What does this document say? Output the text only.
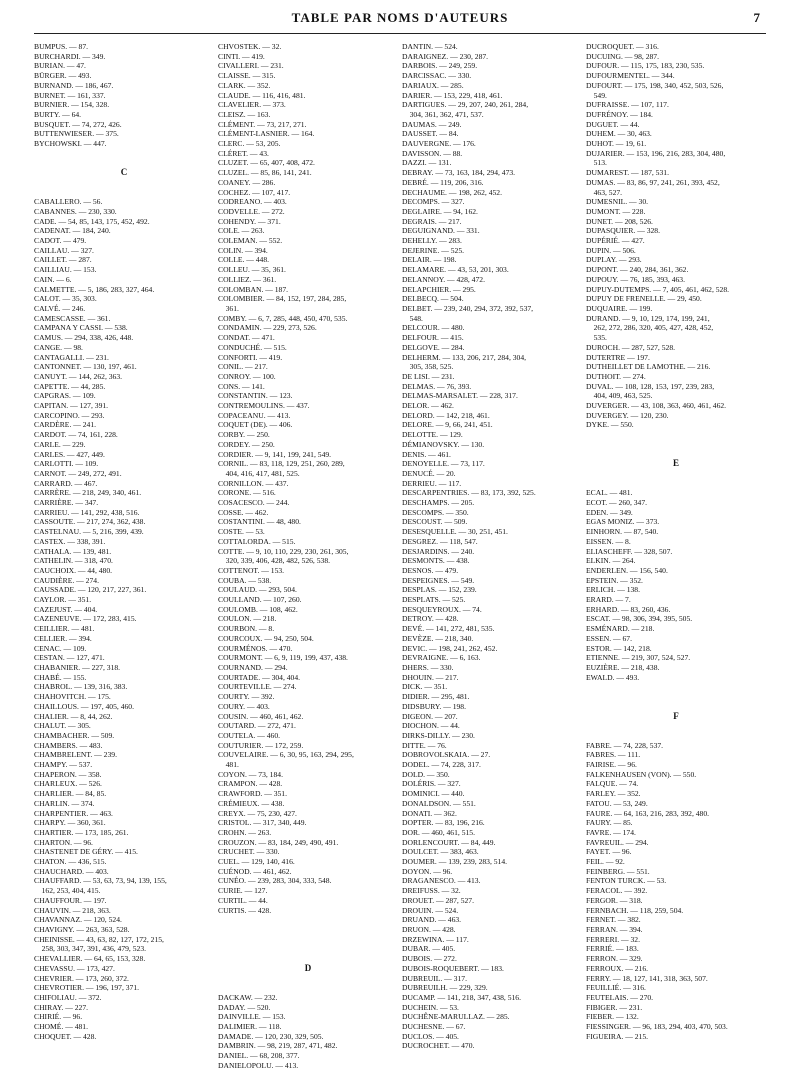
TABLE PAR NOMS D'AUTEURS	7
BUMPUS. — 87.
BURCHARDI. — 349.
BURIAN. — 47.
BÜRGER. — 493.
BURNAND. — 186, 467.
BURNET. — 161, 337.
BURNIER. — 154, 328.
BURTY. — 64.
BUSQUET. — 74, 272, 426.
BUTTENWIESER. — 375.
BYCHOWSKI. — 447.

C

CABALLERO. — 56.
CABANNES. — 230, 330.
CADE. — 54, 85, 143, 175, 452, 492.
CADENAT. — 184, 240.
CADOT. — 479.
CAILLAU. — 327.
CAILLET. — 287.
CAILLIAU. — 153.
CAIN. — 6.
CALMETTE. — 5, 186, 283, 327, 464.
CALOT. — 35, 303.
CALVÉ. — 246.
CAMESCASSE. — 361.
CAMPANA Y CASSI. — 538.
CAMUS. — 294, 338, 426, 448.
CANGE. — 98.
CANTAGALLI. — 231.
CANTONNET. — 130, 197, 461.
CANUYT. — 144, 262, 363.
CAPETTE. — 44, 285.
CAPGRAS. — 109.
CAPITAN. — 127, 391.
CARCOPINO. — 293.
CARDÈRE. — 241.
CARDOT. — 74, 161, 228.
CARLE. — 229.
CARLES. — 427, 449.
CARLOTTI. — 109.
CARNOT. — 249, 272, 491.
CARRARD. — 467.
CARRÈRE. — 218, 249, 340, 461.
CARRIÈRE. — 347.
CARRIEU. — 141, 292, 438, 516.
CASSOUTE. — 217, 274, 362, 438.
CASTELNAU. — 5, 216, 399, 439.
CASTEX. — 338, 391.
CATHALA. — 139, 481.
CATHELIN. — 318, 470.
CAUCHOIX. — 44, 480.
CAUDIÈRE. — 274.
CAUSSADE. — 120, 217, 227, 361.
CAYLOR. — 351.
CAZEJUST. — 404.
CAZENEUVE. — 172, 283, 415.
CEILLIER. — 481.
CELLIER. — 394.
CENAC. — 109.
CESTAN. — 127, 471.
CHABANIER. — 227, 318.
CHABÉ. — 155.
CHABROL. — 139, 316, 383.
CHAHOVITCH. — 175.
CHAILLOUS. — 197, 405, 460.
CHALIER. — 8, 44, 262.
CHALUT. — 305.
CHAMBACHER. — 509.
CHAMBERS. — 483.
CHAMBRELENT. — 239.
CHAMPY. — 537.
CHAPERON. — 358.
CHARLEUX. — 526.
CHARLIER. — 84, 85.
CHARLIN. — 374.
CHARPENTIER. — 463.
CHARPY. — 360, 361.
CHARTIER. — 173, 185, 261.
CHARTON. — 96.
CHASTENET DE GÉRY. — 415.
CHATON. — 436, 515.
CHAUCHARD. — 403.
CHAUFFARD. — 53, 63, 73, 94, 139, 155,
162, 253, 404, 415.
CHAUFFOUR. — 197.
CHAUVIN. — 218, 363.
CHAVANNAZ. — 120, 524.
CHAVIGNY. — 263, 363, 528.
CHEINISSE. — 43, 63, 82, 127, 172, 215,
258, 303, 347, 391, 436, 479, 523.
CHEVALLIER. — 64, 65, 153, 328.
CHEVASSU. — 173, 427.
CHEVRIER. — 173, 260, 372.
CHEVROTIER. — 196, 197, 371.
CHIFOLIAU. — 372.
CHIRAY. — 227.
CHIRIÉ. — 96.
CHOMÉ. — 481.
CHOQUET. — 428.
CHVOSTEK. — 32.
CINTI. — 419.
CIVALLERI. — 231.
CLAISSE. — 315.
CLARK. — 352.
CLAUDE. — 116, 416, 481.
CLAVELIER. — 373.
CLEISZ. — 163.
CLÉMENT. — 73, 217, 271.
CLÉMENT-LASNIER. — 164.
CLERC. — 53, 205.
CLÉRET. — 43.
CLUZET. — 65, 407, 408, 472.
CLUZEL. — 85, 86, 141, 241.
COANEY. — 286.
COCHEZ. — 107, 417.
CODREANO. — 403.
CODVELLE. — 272.
COHENDY. — 371.
COLE. — 263.
COLEMAN. — 552.
COLIN. — 394.
COLLE. — 448.
COLLEU. — 35, 361.
COLLIEZ. — 361.
COLOMBAN. — 187.
COLOMBIER. — 84, 152, 197, 284, 285,
361.
COMBY. — 6, 7, 285, 448, 450, 470, 535.
CONDAMIN. — 229, 273, 526.
CONDAT. — 471.
CONDUCHÉ. — 515.
CONFORTI. — 419.
CONIL. — 217.
CONROY. — 100.
CONS. — 141.
CONSTANTIN. — 123.
CONTREMOULINS. — 437.
COPACEANU. — 413.
COQUET (DE). — 406.
CORBY. — 250.
CORDEY. — 250.
CORDIER. — 9, 141, 199, 241, 549.
CORNIL. — 83, 118, 129, 251, 260, 289,
404, 416, 417, 481, 525.
CORNILLON. — 437.
CORONE. — 516.
COSACESCO. — 244.
COSSE. — 462.
COSTANTINI. — 48, 480.
COSTE. — 53.
COTTALORDA. — 515.
COTTE. — 9, 10, 110, 229, 230, 261, 305,
320, 339, 406, 428, 482, 526, 538.
COTTENOT. — 153.
COUBA. — 538.
COULAUD. — 293, 504.
COULLAND. — 107, 260.
COULOMB. — 108, 462.
COULON. — 218.
COURBON. — 8.
COURCOUX. — 94, 250, 504.
COURMÉNOS. — 470.
COURMONT. — 6, 9, 119, 199, 437, 438.
COURNAND. — 294.
COURTADE. — 304, 404.
COURTEVILLE. — 274.
COURTY. — 392.
COURY. — 403.
COUSIN. — 460, 461, 462.
COUTARD. — 272, 471.
COUTELA. — 460.
COUTURIER. — 172, 259.
COUVELAIRE. — 6, 30, 95, 163, 294, 295,
481.
COYON. — 73, 184.
CRAMPON. — 428.
CRAWFORD. — 351.
CRÉMIEUX. — 438.
CREYX. — 75, 230, 427.
CRISTOL. — 317, 340, 449.
CROHN. — 263.
CROUZON. — 83, 184, 249, 490, 491.
CRUCHET. — 330.
CUEL. — 129, 140, 416.
CUÉNOD. — 461, 462.
CUNÉO. — 239, 283, 304, 333, 548.
CURIE. — 127.
CURTIL. — 44.
CURTIS. — 428.

D

DACKAW. — 232.
DADAY. — 520.
DAINVILLE. — 153.
DALIMIER. — 118.
DAMADE. — 120, 230, 329, 505.
DAMBRIN. — 98, 219, 287, 471, 482.
DANIEL. — 68, 208, 377.
DANIELOPOLU. — 413.
DANTIN. — 524.
DARAIGNEZ. — 230, 287.
DARBOIS. — 249, 259.
DARCISSAC. — 330.
DARIAUX. — 285.
DARIER. — 153, 229, 418, 461.
DARTIGUES. — 29, 207, 240, 261, 284,
304, 361, 362, 471, 537.
DAUMAS. — 249.
DAUSSET. — 84.
DAUVERGNE. — 176.
DAVISSON. — 88.
DAZZI. — 131.
DEBRAY. — 73, 163, 184, 294, 473.
DEBRÉ. — 119, 206, 316.
DECHAUME. — 198, 262, 452.
DECOMPS. — 327.
DEGLAIRE. — 94, 162.
DEGRAIS. — 217.
DEGUIGNAND. — 331.
DEHELLY. — 283.
DEJERINE. — 525.
DELAIR. — 198.
DELAMARE. — 43, 53, 201, 303.
DELANNOY. — 428, 472.
DELAPCHIER. — 295.
DELBECQ. — 504.
DELBET. — 239, 240, 294, 372, 392, 537,
548.
DELCOUR. — 480.
DELFOUR. — 415.
DELGOVE. — 284.
DELHERM. — 133, 206, 217, 284, 304,
305, 358, 525.
DE LISI. — 231.
DELMAS. — 76, 393.
DELMAS-MARSALET. — 228, 317.
DELOR. — 462.
DELORD. — 142, 218, 461.
DELORE. — 9, 66, 241, 451.
DELOTTE. — 129.
DÉMIANOVSKY. — 130.
DENIS. — 461.
DENOYELLE. — 73, 117.
DENUCÉ. — 20.
DERRIEU. — 117.
DESCARPENTRIES. — 83, 173, 392, 525.
DESCHAMPS. — 205.
DESCOMPS. — 350.
DESCOUST. — 509.
DESESQUELLE. — 30, 251, 451.
DESGREZ. — 118, 547.
DESJARDINS. — 240.
DESMONTS. — 438.
DESNOS. — 479.
DESPEIGNES. — 549.
DESPLAS. — 152, 239.
DESPLATS. — 525.
DESQUEYROUX. — 74.
DETROY. — 428.
DEVÉ. — 141, 272, 481, 535.
DEVÈZE. — 218, 340.
DEVIC. — 198, 241, 262, 452.
DEVRAIGNE. — 6, 163.
DHERS. — 330.
DHOUIN. — 217.
DICK. — 351.
DIDIER. — 295, 481.
DIDSBURY. — 198.
DIGEON. — 207.
DIOCHON. — 44.
DIRKS-DILLY. — 230.
DITTE. — 76.
DOBROVOLSKAIA. — 27.
DODEL. — 74, 228, 317.
DOLD. — 350.
DOLÉRIS. — 327.
DOMINICI. — 440.
DONALDSON. — 551.
DONATI. — 362.
DOPTER. — 83, 196, 216.
DOR. — 460, 461, 515.
DORLENCOURT. — 84, 449.
DOULCET. — 383, 463.
DOUMER. — 139, 239, 283, 514.
DOYON. — 96.
DRAGANESCO. — 413.
DREIFUSS. — 32.
DROUET. — 287, 527.
DROUIN. — 524.
DRUAND. — 463.
DRUON. — 428.
DRZEWINA. — 117.
DUBAR. — 405.
DUBOIS. — 272.
DUBOIS-ROQUEBERT. — 183.
DUBREUIL. — 317.
DUBREUILH. — 229, 329.
DUCAMP. — 141, 218, 347, 438, 516.
DUCHEIN. — 53.
DUCHÊNE-MARULLAZ. — 285.
DUCHESNE. — 67.
DUCLOS. — 405.
DUCROCHET. — 470.
DUCROQUET. — 316.
DUCUING. — 98, 287.
DUFOUR. — 115, 175, 183, 230, 535.
DUFOURMENTEL. — 344.
DUFOURT. — 175, 198, 340, 452, 503, 526,
549.
DUFRAISSE. — 107, 117.
DUFRÉNOY. — 184.
DUGUET. — 44.
DUHEM. — 30, 463.
DUHOT. — 19, 61.
DUJARIER. — 153, 196, 216, 283, 304, 480,
513.
DUMAREST. — 187, 531.
DUMAS. — 83, 86, 97, 241, 261, 393, 452,
463, 527.
DUMESNIL. — 30.
DUMONT. — 228.
DUNET. — 208, 526.
DUPASQUIER. — 328.
DUPÉRIÉ. — 427.
DUPIN. — 506.
DUPLAY. — 293.
DUPONT. — 240, 284, 361, 362.
DUPOUY. — 76, 185, 393, 463.
DUPUY-DUTEMPS. — 7, 405, 461, 462, 528.
DUPUY DE FRENELLE. — 29, 450.
DUQUAIRE. — 199.
DURAND. — 9, 10, 129, 174, 199, 241,
262, 272, 286, 320, 405, 427, 428, 452,
535.
DUROCH. — 287, 527, 528.
DUTERTRE — 197.
DUTHEILLET DE LAMOTHE. — 216.
DUTHOIT. — 274.
DUVAL. — 108, 128, 153, 197, 239, 283,
404, 409, 463, 525.
DUVERGER. — 43, 108, 363, 460, 461, 462.
DUVERGEY. — 120, 230.
DYKE. — 550.

E

ECAL. — 481.
ECOT. — 260, 347.
EDEN. — 349.
EGAS MONIZ. — 373.
EINHORN. — 87, 540.
EISSEN. — 8.
ELIASCHEFF. — 328, 507.
ELKIN. — 264.
ENDERLEN. — 156, 540.
EPSTEIN. — 352.
ERLICH. — 138.
ERARD. — 7.
ERHARD. — 83, 260, 436.
ESCAT. — 98, 306, 394, 395, 505.
ESMÉNARD. — 218.
ESSEN. — 67.
ESTOR. — 142, 218.
ETIENNE. — 219, 307, 524, 527.
EUZIÈRE. — 218, 438.
EWALD. — 493.

F

FABRE. — 74, 228, 537.
FABRES. — 111.
FAIRISE. — 96.
FALKENHAUSEN (VON). — 550.
FALQUE. — 74.
FARLEY. — 352.
FATOU. — 53, 249.
FAURE. — 64, 163, 216, 283, 392, 480.
FAURY. — 85.
FAVRE. — 174.
FAVREUIL. — 294.
FAYET. — 96.
FEIL. — 92.
FEINBERG. — 551.
FENTON TURCK. — 53.
FERACOL. — 392.
FERGOR. — 318.
FERNBACH. — 118, 259, 504.
FERNET. — 382.
FERRAN. — 394.
FERRERI. — 32.
FERRIÉ. — 183.
FERRON. — 329.
FERROUX. — 216.
FERRY. — 18, 127, 141, 318, 363, 507.
FEUILLIÉ. — 316.
FEUTELAIS. — 270.
FIBIGER. — 231.
FIEBER. — 132.
FIESSINGER. — 96, 183, 294, 403, 470, 503.
FIGUEIRA. — 215.
